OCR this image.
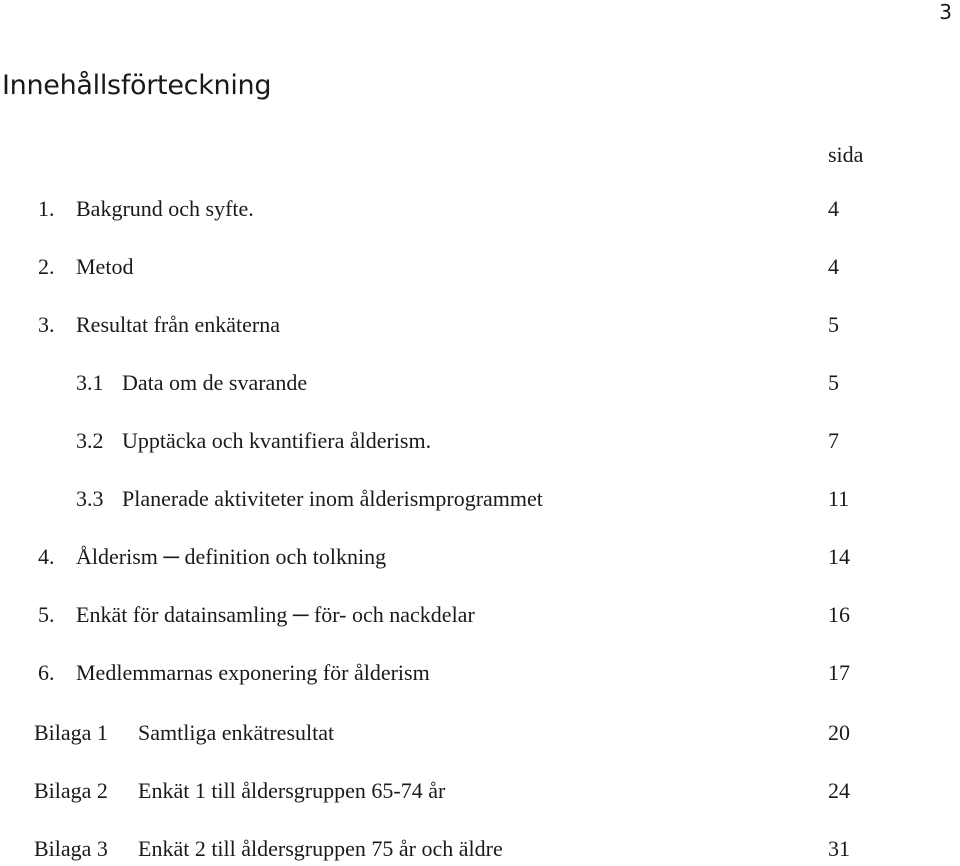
3
Innehållsförteckning
sida
1. Bakgrund och syfte.	4
2. Metod	4
3. Resultat från enkäterna	5
3.1 Data om de svarande	5
3.2 Upptäcka och kvantifiera ålderism.	7
3.3 Planerade aktiviteter inom ålderismprogrammet	11
4. Ålderism ─ definition och tolkning	14
5. Enkät för datainsamling ─ för- och nackdelar	16
6. Medlemmarnas exponering för ålderism	17
Bilaga 1 Samtliga enkätresultat	20
Bilaga 2 Enkät 1 till åldersgruppen 65-74 år	24
Bilaga 3 Enkät 2 till åldersgruppen 75 år och äldre	31
